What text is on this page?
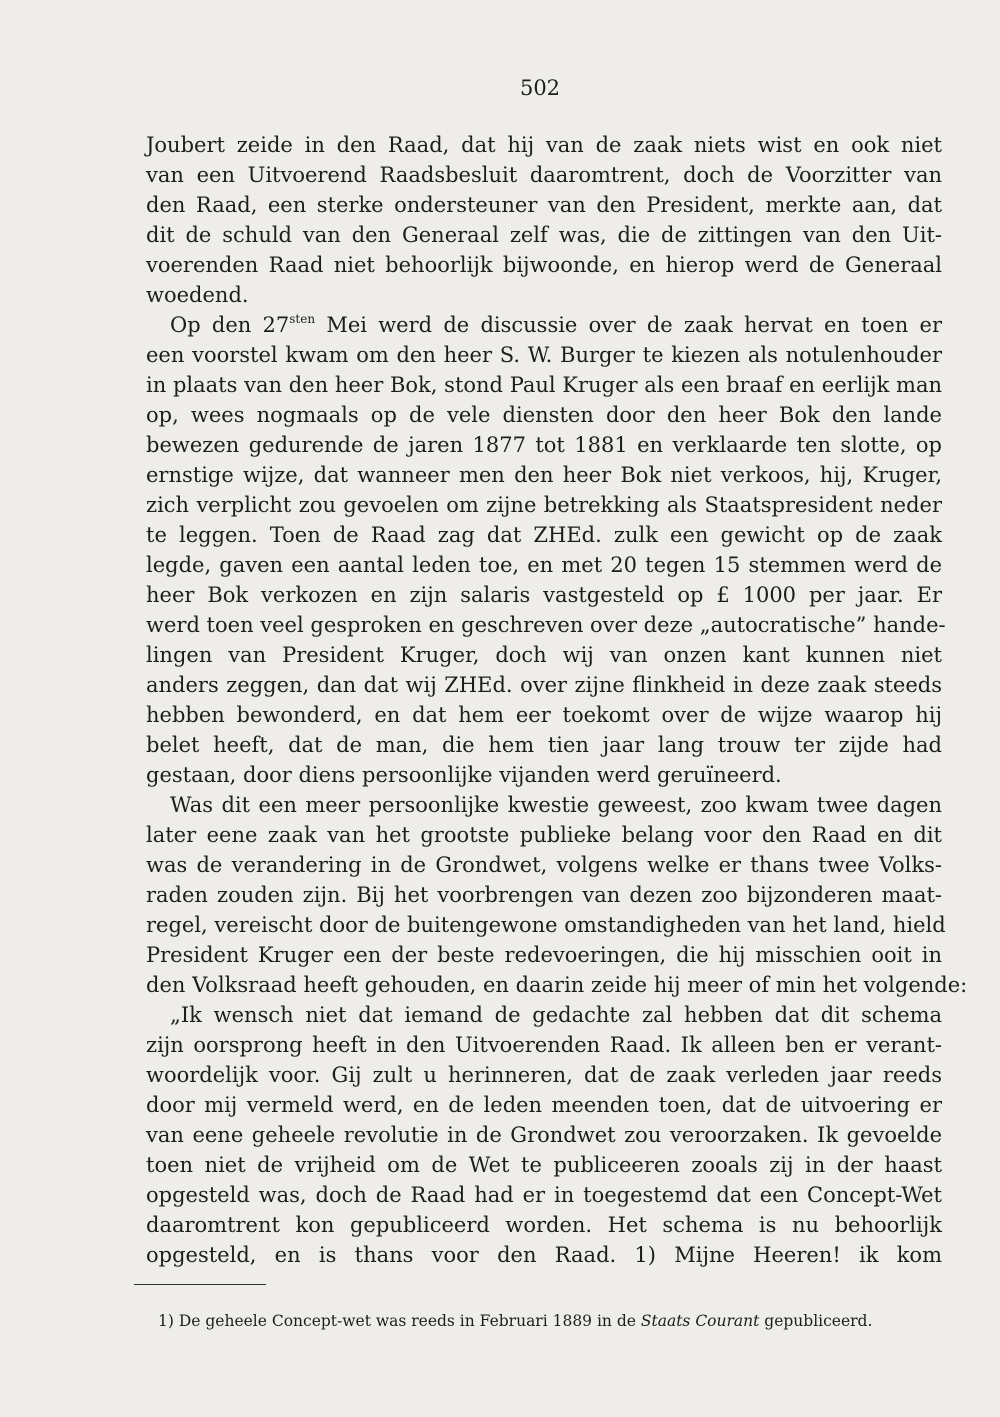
502
Joubert zeide in den Raad, dat hij van de zaak niets wist en ook niet
van een Uitvoerend Raadsbesluit daaromtrent, doch de Voorzitter van
den Raad, een sterke ondersteuner van den President, merkte aan, dat
dit de schuld van den Generaal zelf was, die de zittingen van den Uit-
voerenden Raad niet behoorlijk bijwoonde, en hierop werd de Generaal
woedend.
Op den $27^{sten}$ Mei werd de discussie over de zaak hervat en toen er
een voorstel kwam om den heer S. W. Burger te kiezen als notulenhouder
in plaats van den heer Bok, stond Paul Kruger als een braaf en eerlijk man
op, wees nogmaals op de vele diensten door den heer Bok den lande
bewezen gedurende de jaren 1877 tot 1881 en verklaarde ten slotte, op
ernstige wijze, dat wanneer men den heer Bok niet verkoos, hij, Kruger,
zich verplicht zou gevoelen om zijne betrekking als Staatspresident neder
te leggen. Toen de Raad zag dat ZHEd. zulk een gewicht op de zaak
legde, gaven een aantal leden toe, en met 20 tegen 15 stemmen werd de
heer Bok verkozen en zijn salaris vastgesteld op £ 1000 per jaar. Er
werd toen veel gesproken en geschreven over deze „autocratische” hande-
lingen van President Kruger, doch wij van onzen kant kunnen niet
anders zeggen, dan dat wij ZHEd. over zijne flinkheid in deze zaak steeds
hebben bewonderd, en dat hem eer toekomt over de wijze waarop hij
belet heeft, dat de man, die hem tien jaar lang trouw ter zijde had
gestaan, door diens persoonlijke vijanden werd geruïneerd.
Was dit een meer persoonlijke kwestie geweest, zoo kwam twee dagen
later eene zaak van het grootste publieke belang voor den Raad en dit
was de verandering in de Grondwet, volgens welke er thans twee Volks-
raden zouden zijn. Bij het voorbrengen van dezen zoo bijzonderen maat-
regel, vereischt door de buitengewone omstandigheden van het land, hield
President Kruger een der beste redevoeringen, die hij misschien ooit in
den Volksraad heeft gehouden, en daarin zeide hij meer of min het volgende:
„Ik wensch niet dat iemand de gedachte zal hebben dat dit schema
zijn oorsprong heeft in den Uitvoerenden Raad. Ik alleen ben er verant-
woordelijk voor. Gij zult u herinneren, dat de zaak verleden jaar reeds
door mij vermeld werd, en de leden meenden toen, dat de uitvoering er
van eene geheele revolutie in de Grondwet zou veroorzaken. Ik gevoelde
toen niet de vrijheid om de Wet te publiceeren zooals zij in der haast
opgesteld was, doch de Raad had er in toegestemd dat een Concept-Wet
daaromtrent kon gepubliceerd worden. Het schema is nu behoorlijk
opgesteld, en is thans voor den Raad. 1) Mijne Heeren! ik kom
1) De geheele Concept-wet was reeds in Februari 1889 in de Staats Courant gepubliceerd.
